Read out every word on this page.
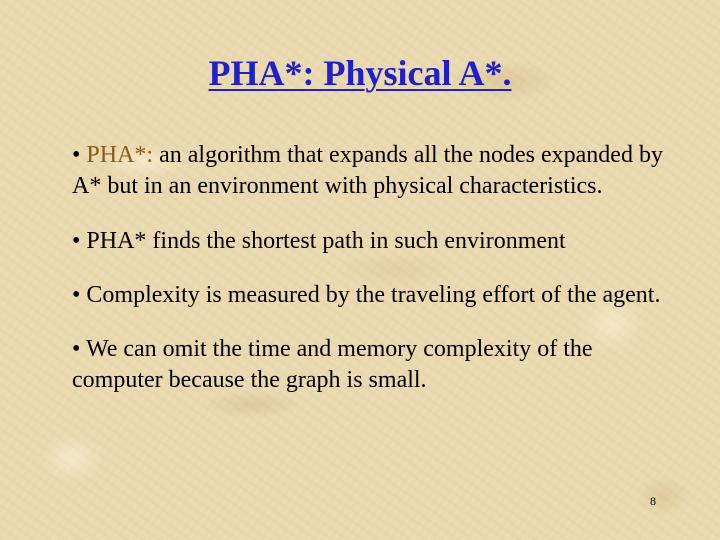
PHA*: Physical A*.

• PHA*: an algorithm that expands all the nodes expanded by A* but in an environment with physical characteristics.

• PHA* finds the shortest path in such environment

• Complexity is measured by the traveling effort of the agent.

• We can omit the time and memory complexity of the computer because the graph is small.

8
